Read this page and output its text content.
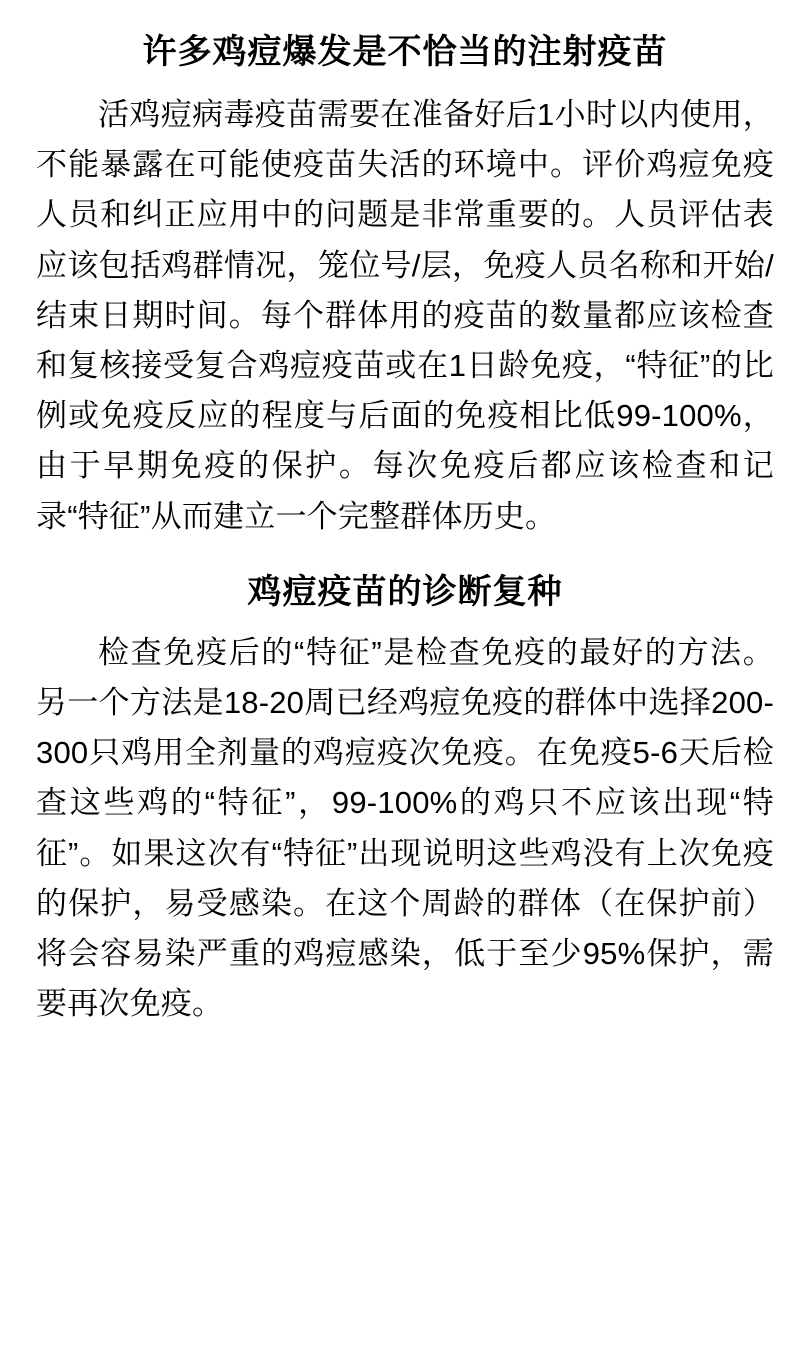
许多鸡痘爆发是不恰当的注射疫苗

活鸡痘病毒疫苗需要在准备好后1小时以内使用，不能暴露在可能使疫苗失活的环境中。评价鸡痘免疫人员和纠正应用中的问题是非常重要的。人员评估表应该包括鸡群情况，笼位号/层，免疫人员名称和开始/结束日期时间。每个群体用的疫苗的数量都应该检查和复核接受复合鸡痘疫苗或在1日龄免疫，“特征”的比例或免疫反应的程度与后面的免疫相比低99-100%，由于早期免疫的保护。每次免疫后都应该检查和记录“特征”从而建立一个完整群体历史。

鸡痘疫苗的诊断复种

检查免疫后的“特征”是检查免疫的最好的方法。另一个方法是18-20周已经鸡痘免疫的群体中选择200-300只鸡用全剂量的鸡痘疫次免疫。在免疫5-6天后检查这些鸡的“特征”，99-100%的鸡只不应该出现“特征”。如果这次有“特征”出现说明这些鸡没有上次免疫的保护，易受感染。在这个周龄的群体（在保护前）将会容易染严重的鸡痘感染，低于至少95%保护，需要再次免疫。
